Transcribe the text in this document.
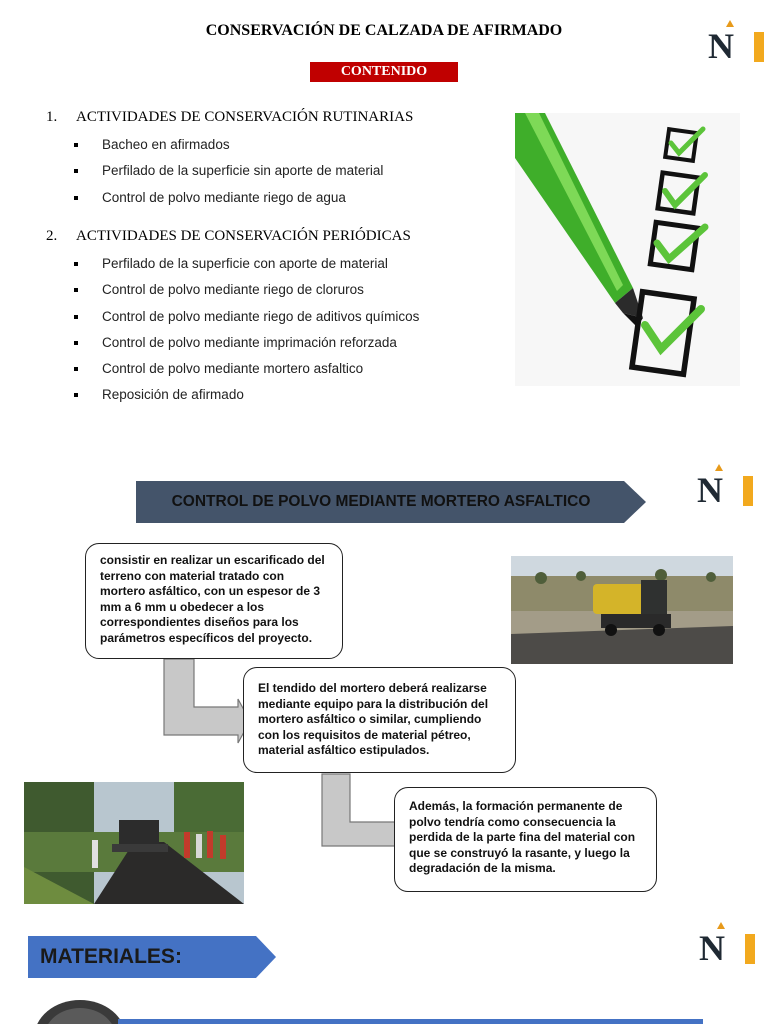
CONSERVACIÓN DE CALZADA DE AFIRMADO
CONTENIDO
N
1. ACTIVIDADES DE CONSERVACIÓN RUTINARIAS
Bacheo en afirmados
Perfilado de la superficie sin aporte de material
Control de polvo mediante riego de agua
2. ACTIVIDADES DE CONSERVACIÓN PERIÓDICAS
Perfilado de la superficie con aporte de material
Control de polvo mediante riego de cloruros
Control de polvo mediante riego de aditivos químicos
Control de polvo mediante imprimación reforzada
Control de polvo mediante mortero asfaltico
Reposición de afirmado
N
CONTROL DE POLVO MEDIANTE MORTERO ASFALTICO
consistir en realizar un escarificado del terreno con material tratado con mortero asfáltico, con un espesor de 3 mm a 6 mm u obedecer a los correspondientes diseños para los parámetros específicos del proyecto.
El tendido del mortero deberá realizarse mediante equipo para la distribución del mortero asfáltico o similar, cumpliendo con los requisitos de material pétreo, material asfáltico estipulados.
Además, la formación permanente de polvo tendría como consecuencia la perdida de la parte fina del material con que se construyó la rasante, y luego la degradación de la misma.
MATERIALES:	N
